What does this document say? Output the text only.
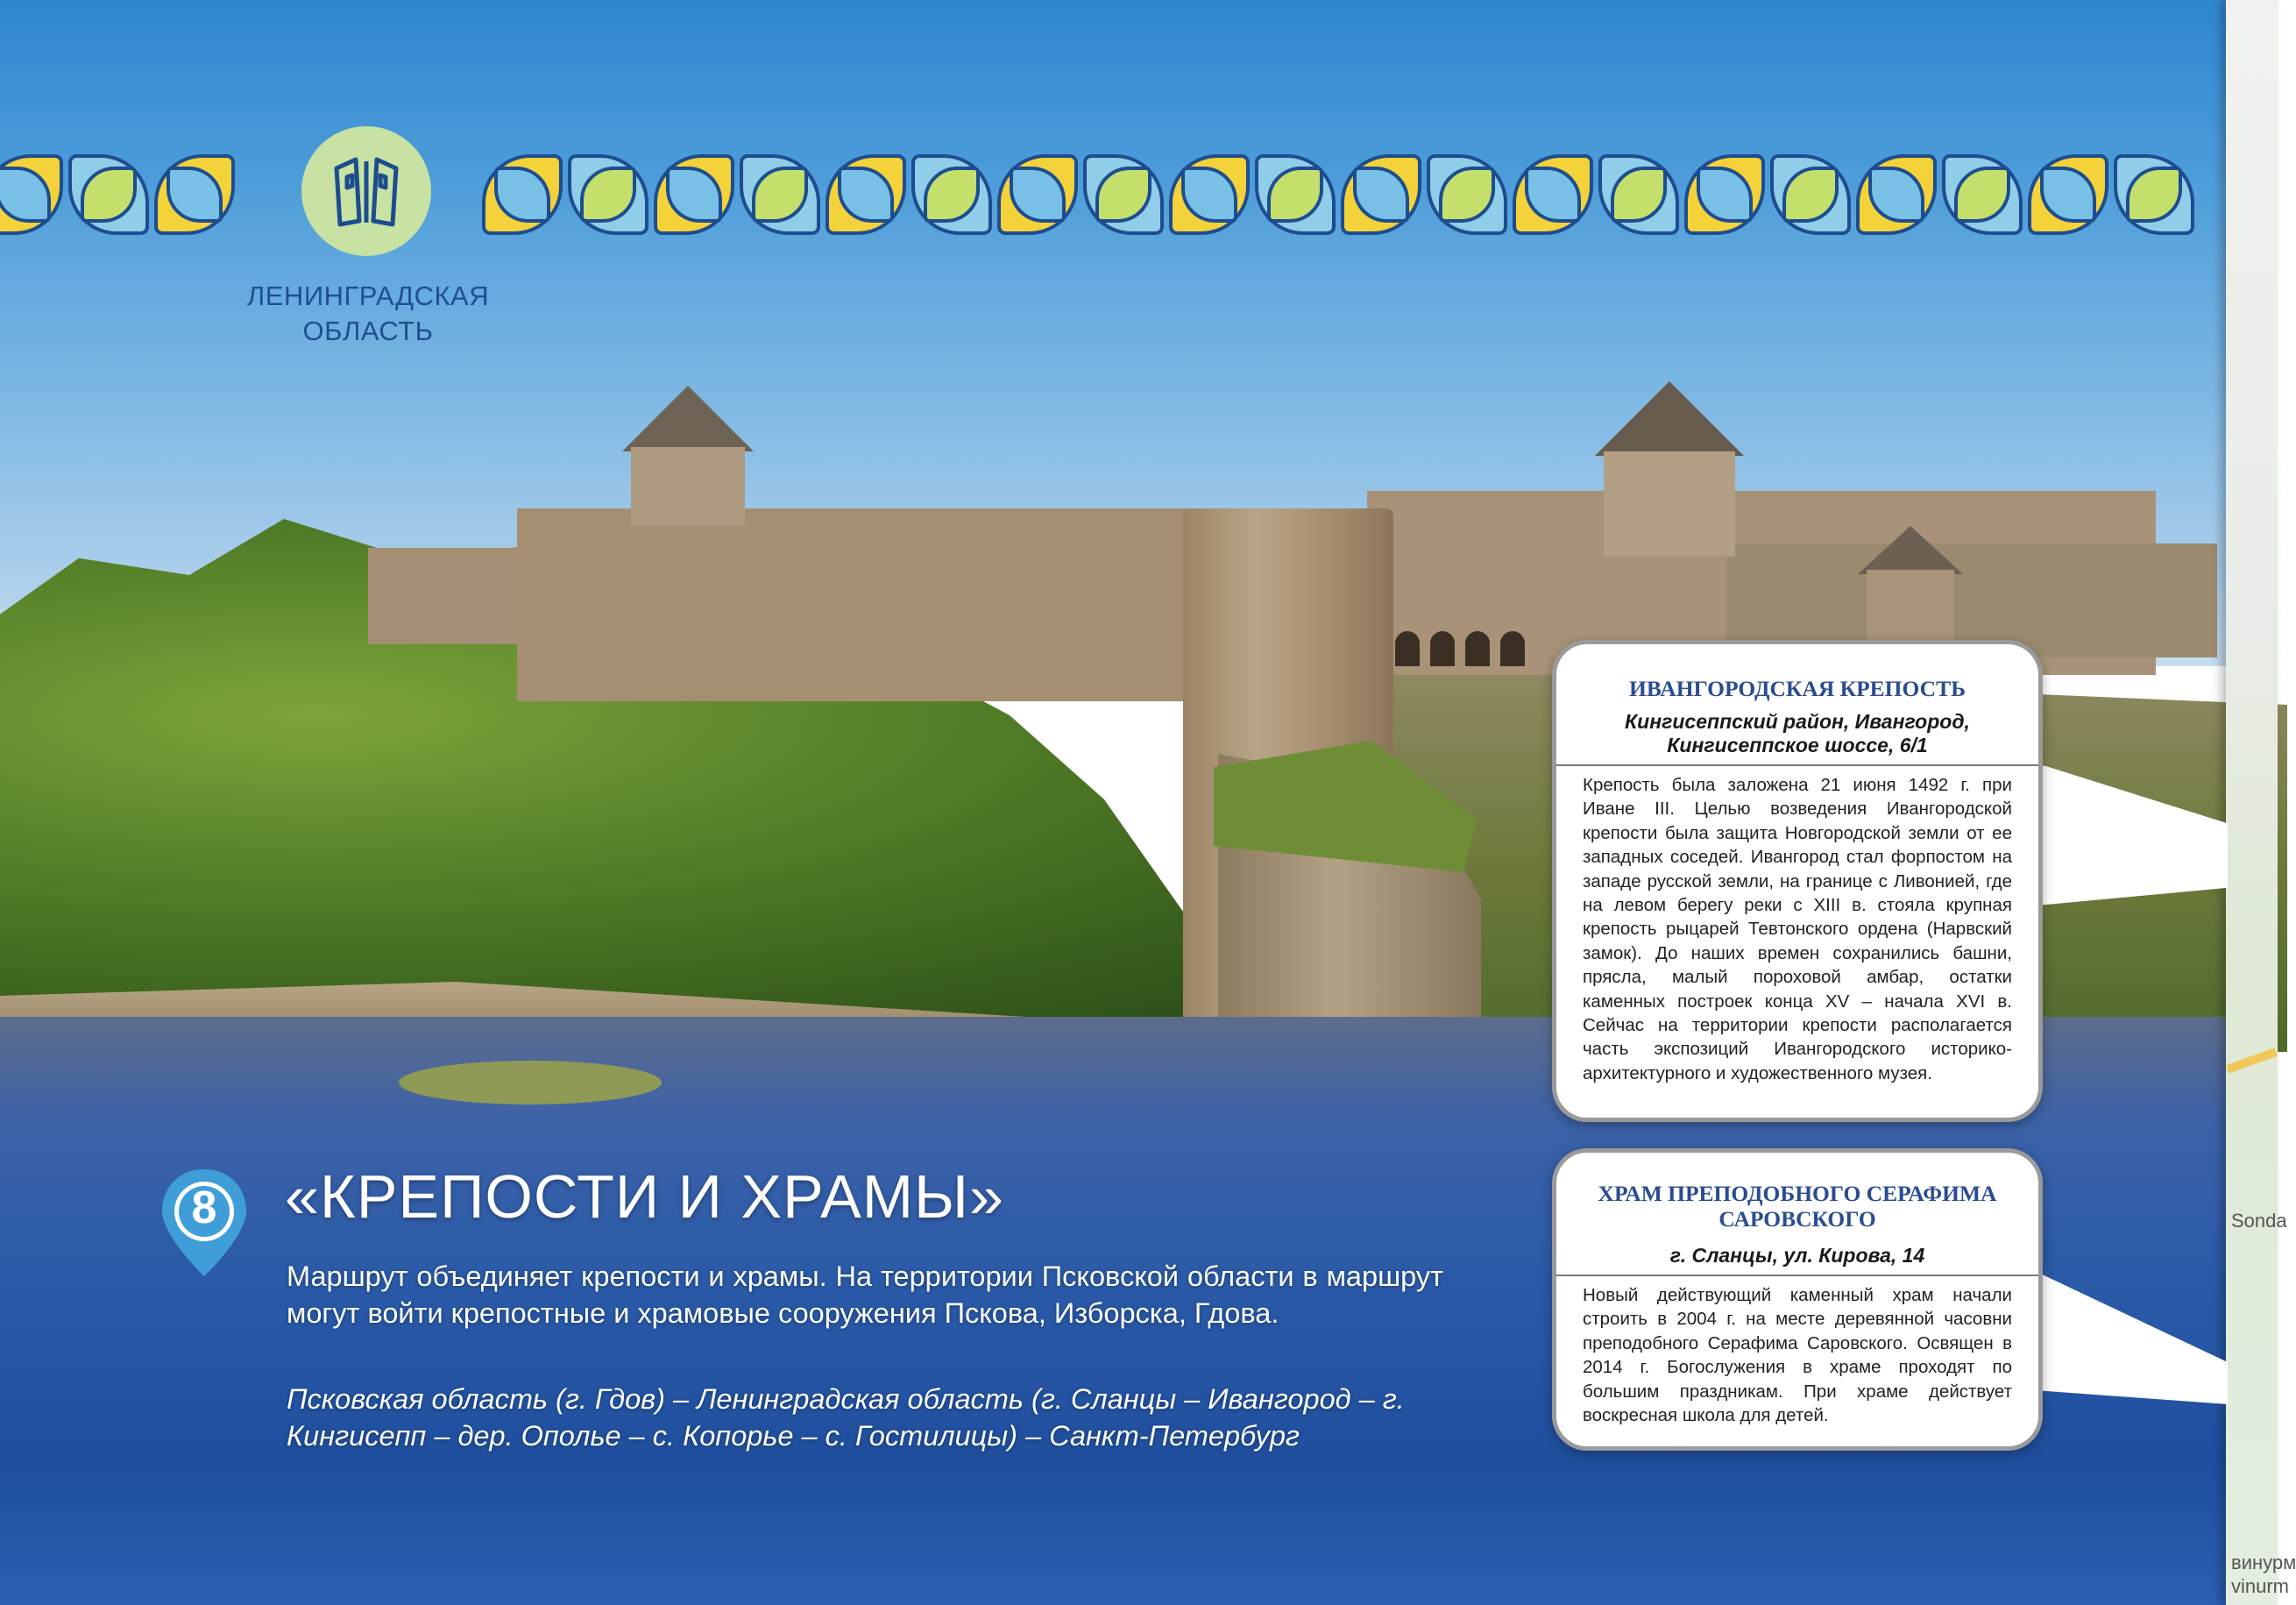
ЛЕНИНГРАДСКАЯ ОБЛАСТЬ
Sonda
винурм
vinurm
8 «КРЕПОСТИ И ХРАМЫ»
Маршрут объединяет крепости и храмы. На территории Псковской области в маршрут могут войти крепостные и храмовые сооружения Пскова, Изборска, Гдова.
Псковская область (г. Гдов) – Ленинградская область (г. Сланцы – Ивангород – г. Кингисепп – дер. Ополье – с. Копорье – с. Гостилицы) – Санкт-Петербург
ИВАНГОРОДСКАЯ КРЕПОСТЬ
Кингисеппский район, Ивангород, Кингисеппское шоссе, 6/1
Крепость была заложена 21 июня 1492 г. при Иване III. Целью возведения Ивангородской крепости была защита Новгородской земли от ее западных соседей. Ивангород стал форпостом на западе русской земли, на границе с Ливонией, где на левом берегу реки с XIII в. стояла крупная крепость рыцарей Тевтонского ордена (Нарвский замок). До наших времен сохранились башни, прясла, малый пороховой амбар, остатки каменных построек конца XV – начала XVI в. Сейчас на территории крепости располагается часть экспозиций Ивангородского историко-архитектурного и художественного музея.
ХРАМ ПРЕПОДОБНОГО СЕРАФИМА САРОВСКОГО
г. Сланцы, ул. Кирова, 14
Новый действующий каменный храм начали строить в 2004 г. на месте деревянной часовни преподобного Серафима Саровского. Освящен в 2014 г. Богослужения в храме проходят по большим праздникам. При храме действует воскресная школа для детей.
